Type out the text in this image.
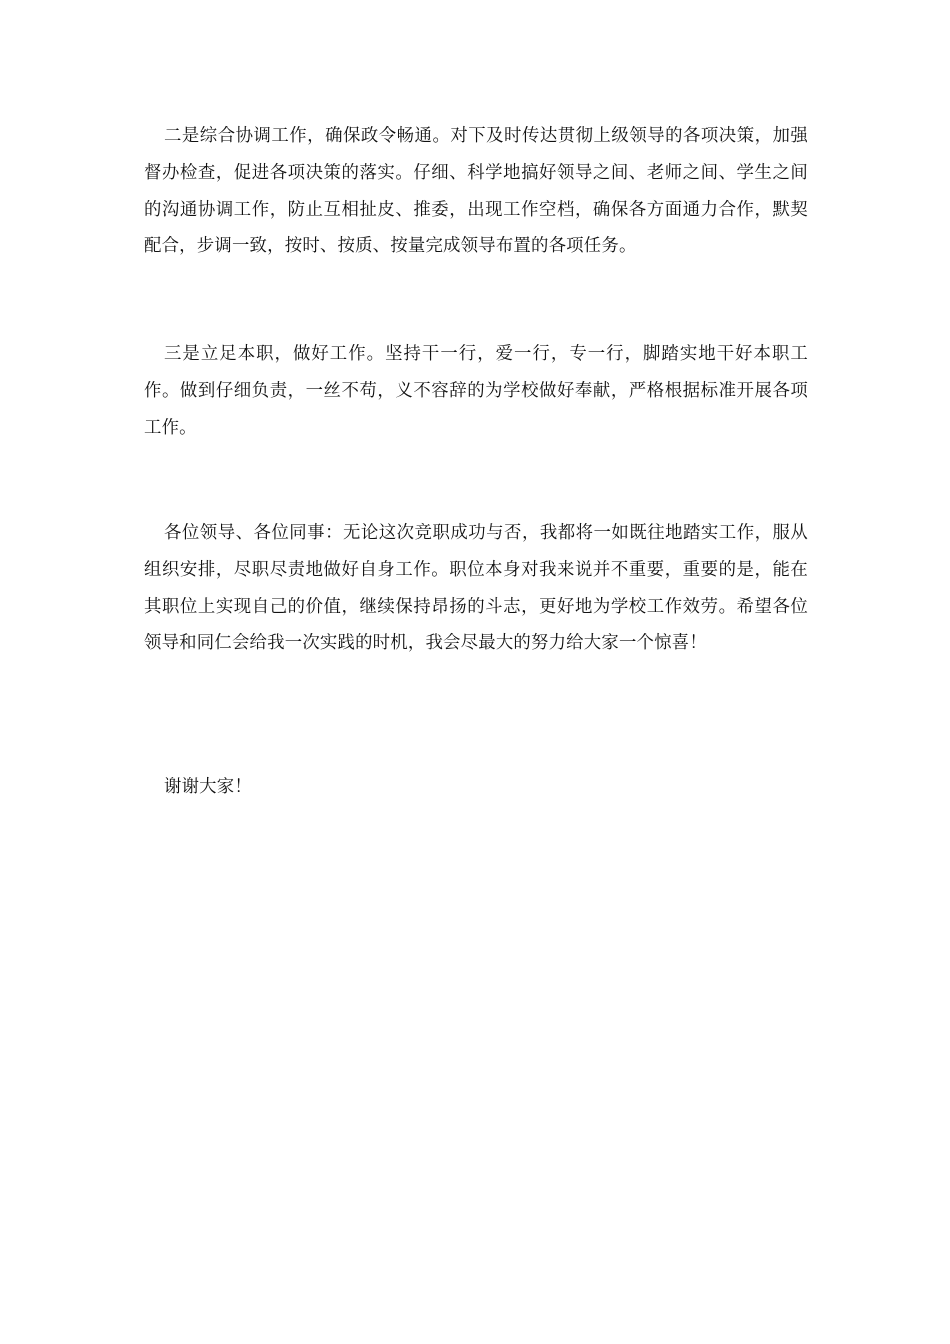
二是综合协调工作，确保政令畅通。对下及时传达贯彻上级领导的各项决策，加强督办检查，促进各项决策的落实。仔细、科学地搞好领导之间、老师之间、学生之间的沟通协调工作，防止互相扯皮、推委，出现工作空档，确保各方面通力合作，默契配合，步调一致，按时、按质、按量完成领导布置的各项任务。

三是立足本职，做好工作。坚持干一行，爱一行，专一行，脚踏实地干好本职工作。做到仔细负责，一丝不苟，义不容辞的为学校做好奉献，严格根据标准开展各项工作。

各位领导、各位同事：无论这次竞职成功与否，我都将一如既往地踏实工作，服从组织安排，尽职尽责地做好自身工作。职位本身对我来说并不重要，重要的是，能在其职位上实现自己的价值，继续保持昂扬的斗志，更好地为学校工作效劳。希望各位领导和同仁会给我一次实践的时机，我会尽最大的努力给大家一个惊喜！

谢谢大家！
